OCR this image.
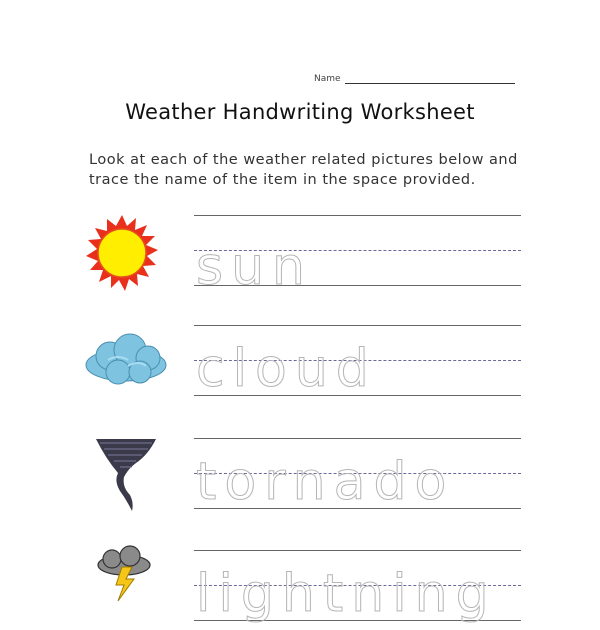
Name
Weather Handwriting Worksheet
Look at each of the weather related pictures below and trace the name of the item in the space provided.
sun
cloud
tornado
lightning
